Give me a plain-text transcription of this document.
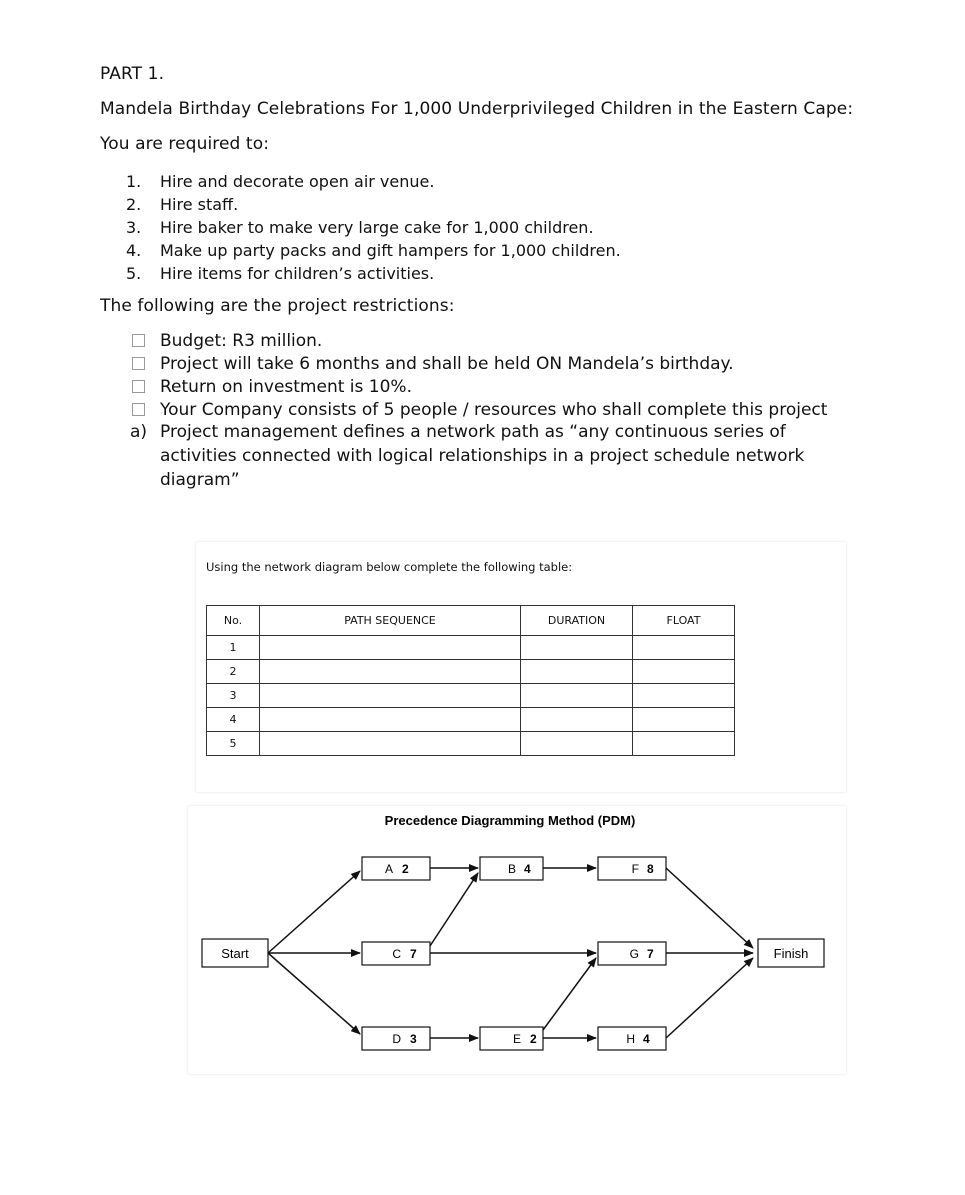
PART 1.
Mandela Birthday Celebrations For 1,000 Underprivileged Children in the Eastern Cape:
You are required to:
1. Hire and decorate open air venue.
2. Hire staff.
3. Hire baker to make very large cake for 1,000 children.
4. Make up party packs and gift hampers for 1,000 children.
5. Hire items for children’s activities.
The following are the project restrictions:
Budget: R3 million.
Project will take 6 months and shall be held ON Mandela’s birthday.
Return on investment is 10%.
Your Company consists of 5 people / resources who shall complete this project
a) Project management defines a network path as “any continuous series of activities connected with logical relationships in a project schedule network diagram”
Using the network diagram below complete the following table:
No.	PATH SEQUENCE	DURATION	FLOAT
1			
2			
3			
4			
5			
Precedence Diagramming Method (PDM)
Start	Finish
A 2	B 4	F 8
C 7	G 7
D 3	E 2	H 4
